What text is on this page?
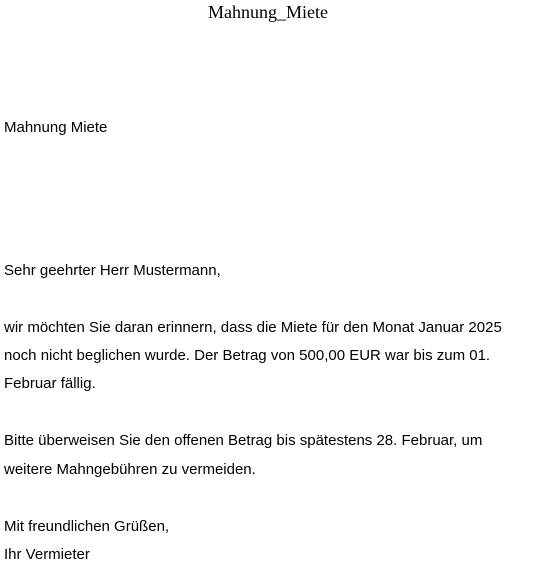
Mahnung_Miete
Mahnung Miete
Sehr geehrter Herr Mustermann,
wir möchten Sie daran erinnern, dass die Miete für den Monat Januar 2025
noch nicht beglichen wurde. Der Betrag von 500,00 EUR war bis zum 01.
Februar fällig.
Bitte überweisen Sie den offenen Betrag bis spätestens 28. Februar, um
weitere Mahngebühren zu vermeiden.
Mit freundlichen Grüßen,
Ihr Vermieter
